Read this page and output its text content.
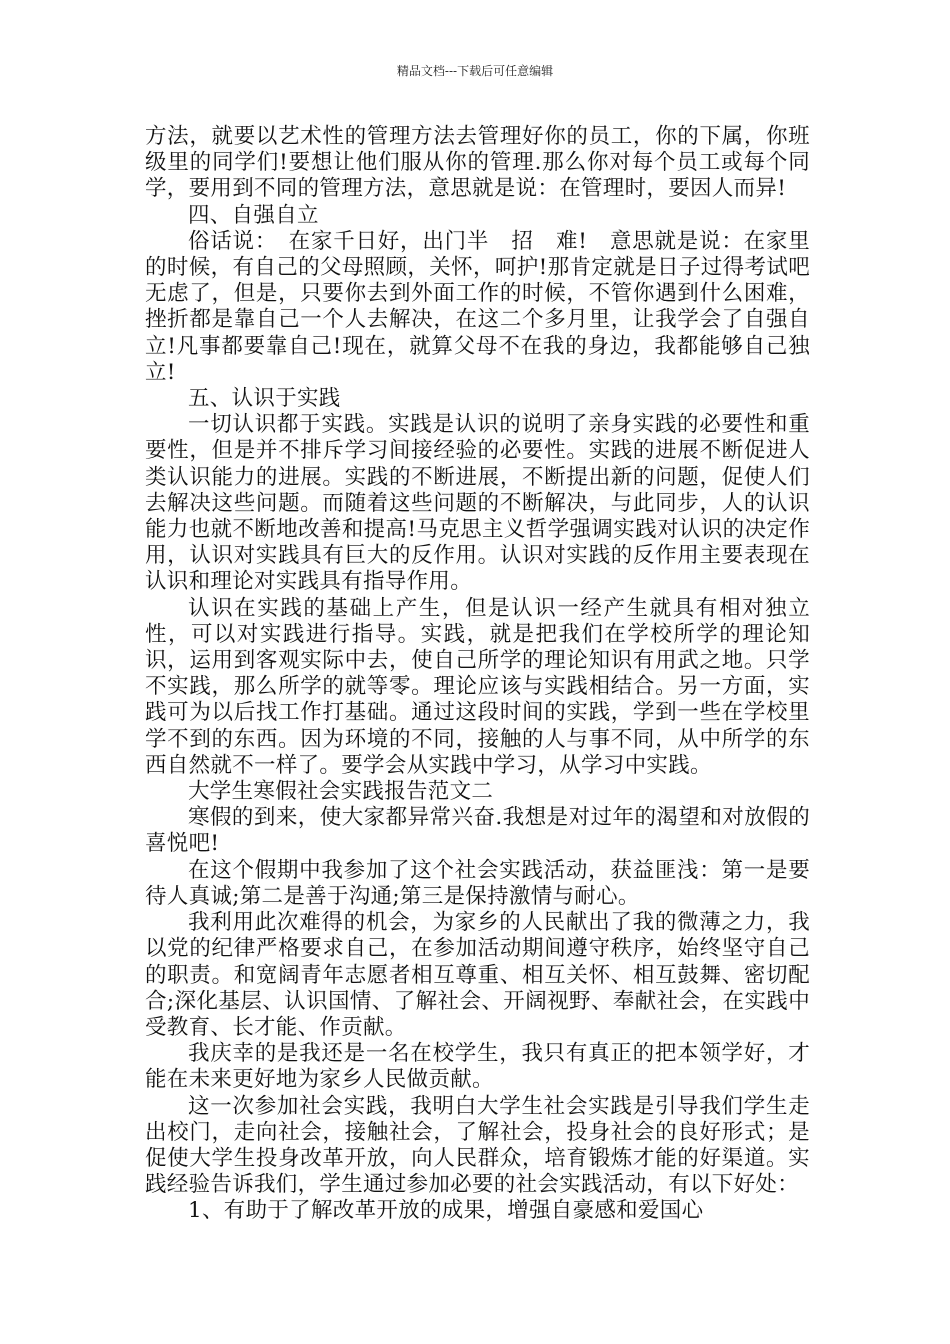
精品文档---下载后可任意编辑

方法，就要以艺术性的管理方法去管理好你的员工，你的下属，你班级里的同学们!要想让他们服从你的管理.那么你对每个员工或每个同学，要用到不同的管理方法，意思就是说：在管理时，要因人而异!

四、自强自立

俗话说：　在家千日好，出门半　招　难!　意思就是说：在家里的时候，有自己的父母照顾，关怀，呵护!那肯定就是日子过得考试吧无虑了，但是，只要你去到外面工作的时候，不管你遇到什么困难，挫折都是靠自己一个人去解决，在这二个多月里，让我学会了自强自立!凡事都要靠自己!现在，就算父母不在我的身边，我都能够自己独立!

五、认识于实践

一切认识都于实践。实践是认识的说明了亲身实践的必要性和重要性，但是并不排斥学习间接经验的必要性。实践的进展不断促进人类认识能力的进展。实践的不断进展，不断提出新的问题，促使人们去解决这些问题。而随着这些问题的不断解决，与此同步，人的认识能力也就不断地改善和提高!马克思主义哲学强调实践对认识的决定作用，认识对实践具有巨大的反作用。认识对实践的反作用主要表现在认识和理论对实践具有指导作用。

认识在实践的基础上产生，但是认识一经产生就具有相对独立性，可以对实践进行指导。实践，就是把我们在学校所学的理论知识，运用到客观实际中去，使自己所学的理论知识有用武之地。只学不实践，那么所学的就等零。理论应该与实践相结合。另一方面，实践可为以后找工作打基础。通过这段时间的实践，学到一些在学校里学不到的东西。因为环境的不同，接触的人与事不同，从中所学的东西自然就不一样了。要学会从实践中学习，从学习中实践。

大学生寒假社会实践报告范文二

寒假的到来，使大家都异常兴奋.我想是对过年的渴望和对放假的喜悦吧!

在这个假期中我参加了这个社会实践活动，获益匪浅：第一是要待人真诚;第二是善于沟通;第三是保持激情与耐心。

我利用此次难得的机会，为家乡的人民献出了我的微薄之力，我以党的纪律严格要求自己，在参加活动期间遵守秩序，始终坚守自己的职责。和宽阔青年志愿者相互尊重、相互关怀、相互鼓舞、密切配合;深化基层、认识国情、了解社会、开阔视野、奉献社会，在实践中受教育、长才能、作贡献。

我庆幸的是我还是一名在校学生，我只有真正的把本领学好，才能在未来更好地为家乡人民做贡献。

这一次参加社会实践，我明白大学生社会实践是引导我们学生走出校门，走向社会，接触社会，了解社会，投身社会的良好形式；是促使大学生投身改革开放，向人民群众，培育锻炼才能的好渠道。实践经验告诉我们，学生通过参加必要的社会实践活动，有以下好处：

1、有助于了解改革开放的成果，增强自豪感和爱国心
